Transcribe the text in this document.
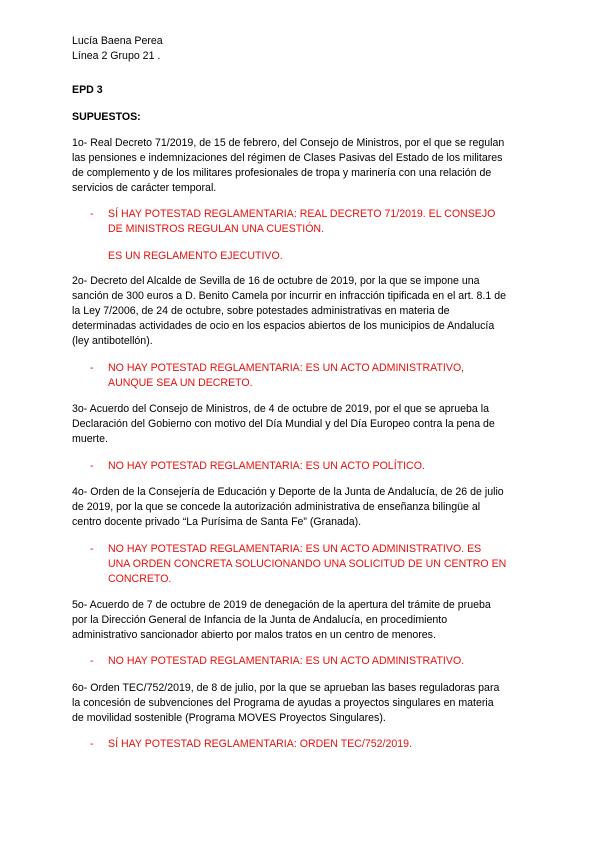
Lucía Baena Perea
Línea 2 Grupo 21 .
EPD 3
SUPUESTOS:
1o- Real Decreto 71/2019, de 15 de febrero, del Consejo de Ministros, por el que se regulan
las pensiones e indemnizaciones del régimen de Clases Pasivas del Estado de los militares
de complemento y de los militares profesionales de tropa y marinería con una relación de
servicios de carácter temporal.
- SÍ HAY POTESTAD REGLAMENTARIA: REAL DECRETO 71/2019. EL CONSEJO
DE MINISTROS REGULAN UNA CUESTIÓN.
ES UN REGLAMENTO EJECUTIVO.
2o- Decreto del Alcalde de Sevilla de 16 de octubre de 2019, por la que se impone una
sanción de 300 euros a D. Benito Camela por incurrir en infracción tipificada en el art. 8.1 de
la Ley 7/2006, de 24 de octubre, sobre potestades administrativas en materia de
determinadas actividades de ocio en los espacios abiertos de los municipios de Andalucía
(ley antibotellón).
- NO HAY POTESTAD REGLAMENTARIA: ES UN ACTO ADMINISTRATIVO,
AUNQUE SEA UN DECRETO.
3o- Acuerdo del Consejo de Ministros, de 4 de octubre de 2019, por el que se aprueba la
Declaración del Gobierno con motivo del Día Mundial y del Día Europeo contra la pena de
muerte.
- NO HAY POTESTAD REGLAMENTARIA: ES UN ACTO POLÍTICO.
4o- Orden de la Consejería de Educación y Deporte de la Junta de Andalucía, de 26 de julio
de 2019, por la que se concede la autorización administrativa de enseñanza bilingüe al
centro docente privado “La Purísima de Santa Fe” (Granada).
- NO HAY POTESTAD REGLAMENTARIA: ES UN ACTO ADMINISTRATIVO. ES
UNA ORDEN CONCRETA SOLUCIONANDO UNA SOLICITUD DE UN CENTRO EN
CONCRETO.
5o- Acuerdo de 7 de octubre de 2019 de denegación de la apertura del trámite de prueba
por la Dirección General de Infancia de la Junta de Andalucía, en procedimiento
administrativo sancionador abierto por malos tratos en un centro de menores.
- NO HAY POTESTAD REGLAMENTARIA: ES UN ACTO ADMINISTRATIVO.
6o- Orden TEC/752/2019, de 8 de julio, por la que se aprueban las bases reguladoras para
la concesión de subvenciones del Programa de ayudas a proyectos singulares en materia
de movilidad sostenible (Programa MOVES Proyectos Singulares).
- SÍ HAY POTESTAD REGLAMENTARIA: ORDEN TEC/752/2019.
